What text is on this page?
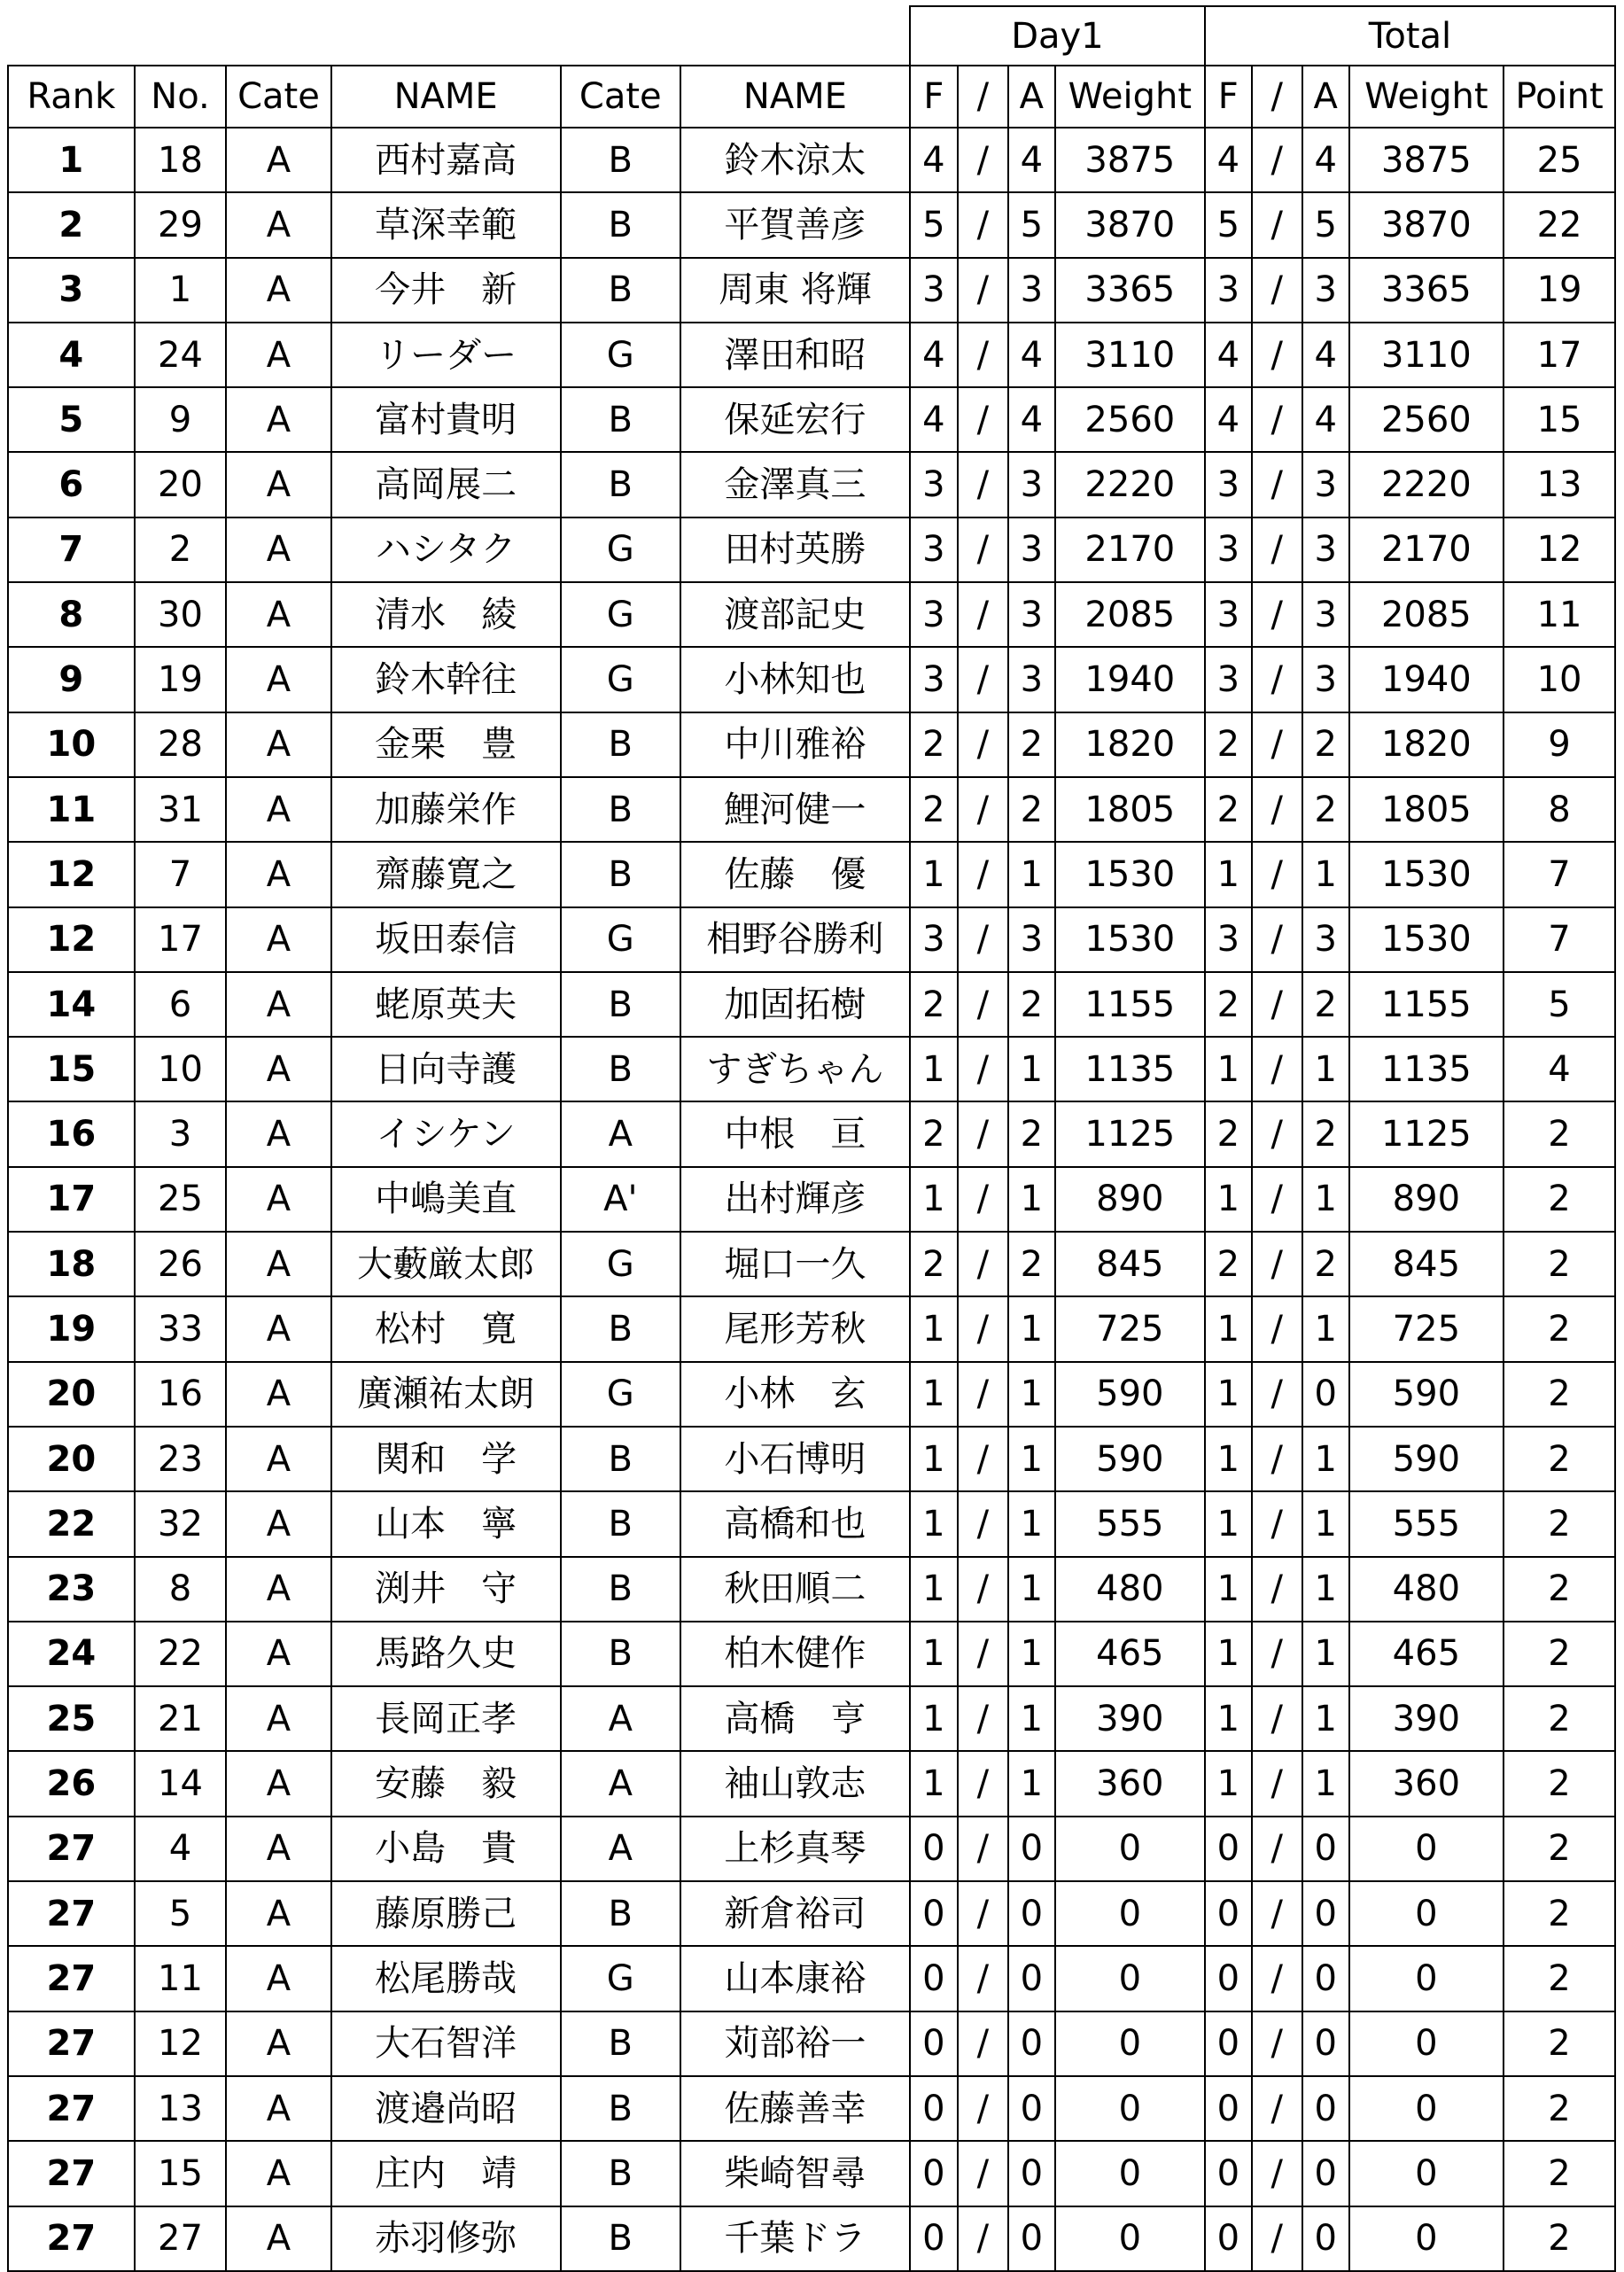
						Day1				Total				
Rank	No.	Cate	NAME	Cate	NAME	F	/	A	Weight	F	/	A	Weight	Point
1	18	A	西村嘉高	B	鈴木涼太	4	/	4	3875	4	/	4	3875	25
2	29	A	草深幸範	B	平賀善彦	5	/	5	3870	5	/	5	3870	22
3	1	A	今井　新	B	周東 将輝	3	/	3	3365	3	/	3	3365	19
4	24	A	リーダー	G	澤田和昭	4	/	4	3110	4	/	4	3110	17
5	9	A	富村貴明	B	保延宏行	4	/	4	2560	4	/	4	2560	15
6	20	A	高岡展二	B	金澤真三	3	/	3	2220	3	/	3	2220	13
7	2	A	ハシタク	G	田村英勝	3	/	3	2170	3	/	3	2170	12
8	30	A	清水　綾	G	渡部記史	3	/	3	2085	3	/	3	2085	11
9	19	A	鈴木幹往	G	小林知也	3	/	3	1940	3	/	3	1940	10
10	28	A	金栗　豊	B	中川雅裕	2	/	2	1820	2	/	2	1820	9
11	31	A	加藤栄作	B	鯉河健一	2	/	2	1805	2	/	2	1805	8
12	7	A	齋藤寛之	B	佐藤　優	1	/	1	1530	1	/	1	1530	7
12	17	A	坂田泰信	G	相野谷勝利	3	/	3	1530	3	/	3	1530	7
14	6	A	蛯原英夫	B	加固拓樹	2	/	2	1155	2	/	2	1155	5
15	10	A	日向寺護	B	すぎちゃん	1	/	1	1135	1	/	1	1135	4
16	3	A	イシケン	A	中根　亘	2	/	2	1125	2	/	2	1125	2
17	25	A	中嶋美直	A'	出村輝彦	1	/	1	890	1	/	1	890	2
18	26	A	大藪厳太郎	G	堀口一久	2	/	2	845	2	/	2	845	2
19	33	A	松村　寛	B	尾形芳秋	1	/	1	725	1	/	1	725	2
20	16	A	廣瀬祐太朗	G	小林　玄	1	/	1	590	1	/	0	590	2
20	23	A	関和　学	B	小石博明	1	/	1	590	1	/	1	590	2
22	32	A	山本　寧	B	高橋和也	1	/	1	555	1	/	1	555	2
23	8	A	渕井　守	B	秋田順二	1	/	1	480	1	/	1	480	2
24	22	A	馬路久史	B	柏木健作	1	/	1	465	1	/	1	465	2
25	21	A	長岡正孝	A	高橋　亨	1	/	1	390	1	/	1	390	2
26	14	A	安藤　毅	A	袖山敦志	1	/	1	360	1	/	1	360	2
27	4	A	小島　貴	A	上杉真琴	0	/	0	0	0	/	0	0	2
27	5	A	藤原勝己	B	新倉裕司	0	/	0	0	0	/	0	0	2
27	11	A	松尾勝哉	G	山本康裕	0	/	0	0	0	/	0	0	2
27	12	A	大石智洋	B	苅部裕一	0	/	0	0	0	/	0	0	2
27	13	A	渡邉尚昭	B	佐藤善幸	0	/	0	0	0	/	0	0	2
27	15	A	庄内　靖	B	柴崎智尋	0	/	0	0	0	/	0	0	2
27	27	A	赤羽修弥	B	千葉ドラ	0	/	0	0	0	/	0	0	2
